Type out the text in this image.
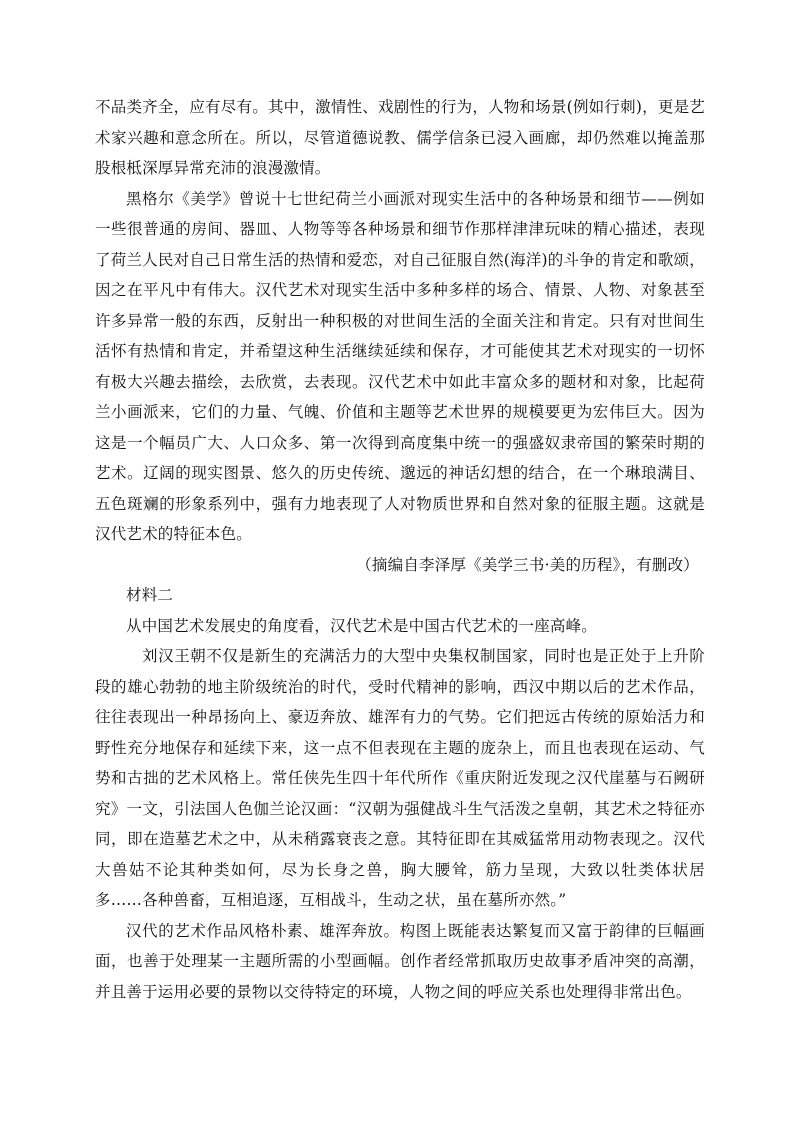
不品类齐全，应有尽有。其中，激情性、戏剧性的行为，人物和场景(例如行刺)，更是艺术家兴趣和意念所在。所以，尽管道德说教、儒学信条已浸入画廊，却仍然难以掩盖那股根柢深厚异常充沛的浪漫激情。

黑格尔《美学》曾说十七世纪荷兰小画派对现实生活中的各种场景和细节——例如一些很普通的房间、器皿、人物等等各种场景和细节作那样津津玩味的精心描述，表现了荷兰人民对自己日常生活的热情和爱恋，对自己征服自然(海洋)的斗争的肯定和歌颂，因之在平凡中有伟大。汉代艺术对现实生活中多种多样的场合、情景、人物、对象甚至许多异常一般的东西，反射出一种积极的对世间生活的全面关注和肯定。只有对世间生活怀有热情和肯定，并希望这种生活继续延续和保存，才可能使其艺术对现实的一切怀有极大兴趣去描绘，去欣赏，去表现。汉代艺术中如此丰富众多的题材和对象，比起荷兰小画派来，它们的力量、气魄、价值和主题等艺术世界的规模要更为宏伟巨大。因为这是一个幅员广大、人口众多、第一次得到高度集中统一的强盛奴隶帝国的繁荣时期的艺术。辽阔的现实图景、悠久的历史传统、邈远的神话幻想的结合，在一个琳琅满目、五色斑斓的形象系列中，强有力地表现了人对物质世界和自然对象的征服主题。这就是汉代艺术的特征本色。

（摘编自李泽厚《美学三书·美的历程》，有删改）

材料二

从中国艺术发展史的角度看，汉代艺术是中国古代艺术的一座高峰。

刘汉王朝不仅是新生的充满活力的大型中央集权制国家，同时也是正处于上升阶段的雄心勃勃的地主阶级统治的时代，受时代精神的影响，西汉中期以后的艺术作品，往往表现出一种昂扬向上、豪迈奔放、雄浑有力的气势。它们把远古传统的原始活力和野性充分地保存和延续下来，这一点不但表现在主题的庞杂上，而且也表现在运动、气势和古拙的艺术风格上。常任侠先生四十年代所作《重庆附近发现之汉代崖墓与石阙研究》一文，引法国人色伽兰论汉画：“汉朝为强健战斗生气活泼之皇朝，其艺术之特征亦同，即在造墓艺术之中，从未稍露衰丧之意。其特征即在其威猛常用动物表现之。汉代大兽姑不论其种类如何，尽为长身之兽，胸大腰耸，筋力呈现，大致以牡类体状居多……各种兽畜，互相追逐，互相战斗，生动之状，虽在墓所亦然。”

汉代的艺术作品风格朴素、雄浑奔放。构图上既能表达繁复而又富于韵律的巨幅画面，也善于处理某一主题所需的小型画幅。创作者经常抓取历史故事矛盾冲突的高潮，并且善于运用必要的景物以交待特定的环境，人物之间的呼应关系也处理得非常出色。
